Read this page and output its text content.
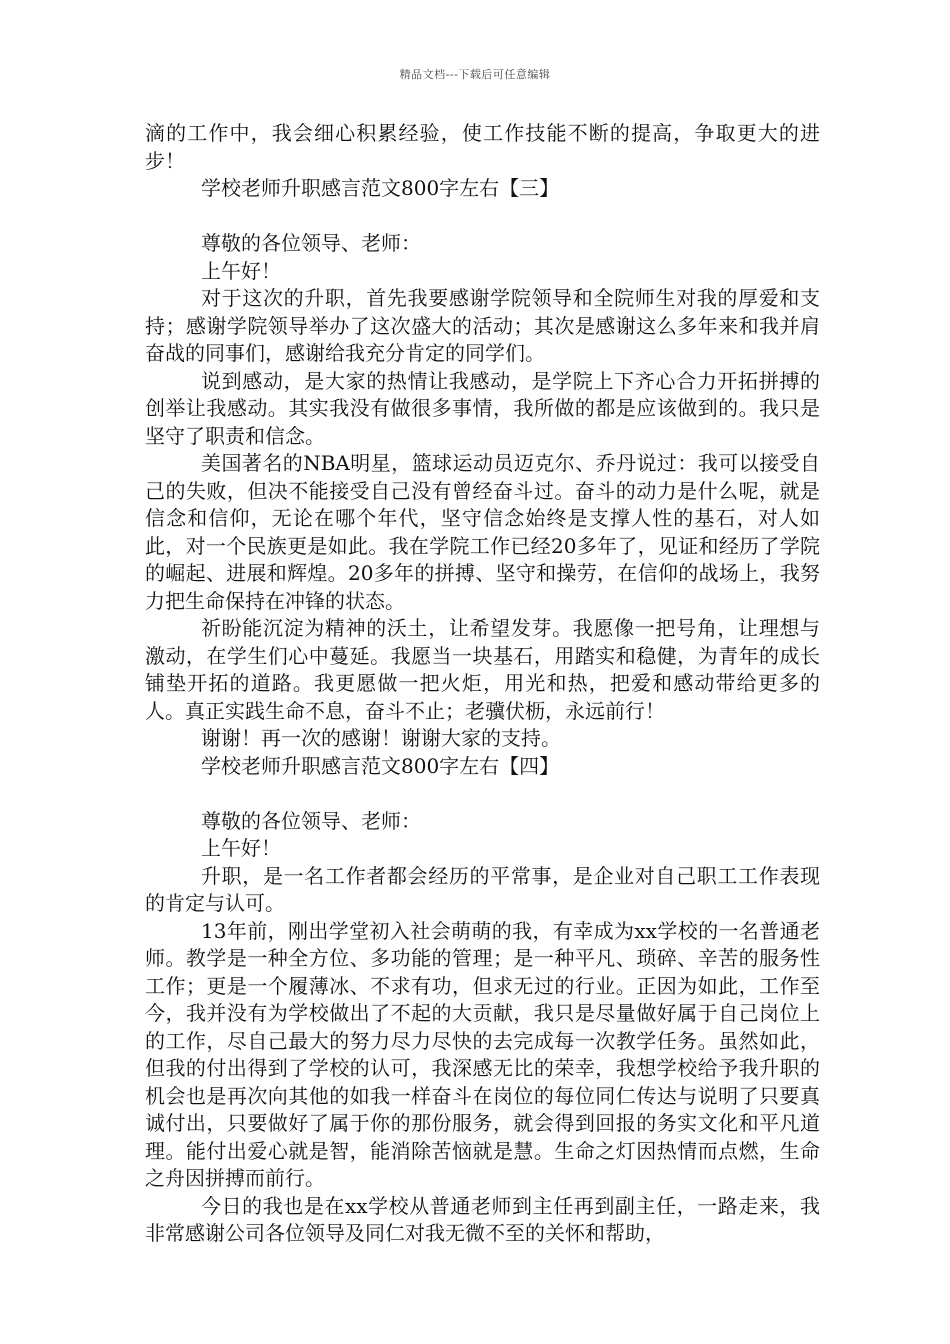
精品文档---下载后可任意编辑

滴的工作中，我会细心积累经验，使工作技能不断的提高，争取更大的进步！

学校老师升职感言范文800字左右【三】

尊敬的各位领导、老师：

上午好！

对于这次的升职，首先我要感谢学院领导和全院师生对我的厚爱和支持；感谢学院领导举办了这次盛大的活动；其次是感谢这么多年来和我并肩奋战的同事们，感谢给我充分肯定的同学们。

说到感动，是大家的热情让我感动，是学院上下齐心合力开拓拼搏的创举让我感动。其实我没有做很多事情，我所做的都是应该做到的。我只是坚守了职责和信念。

美国著名的NBA明星，篮球运动员迈克尔、乔丹说过：我可以接受自己的失败，但决不能接受自己没有曾经奋斗过。奋斗的动力是什么呢，就是信念和信仰，无论在哪个年代，坚守信念始终是支撑人性的基石，对人如此，对一个民族更是如此。我在学院工作已经20多年了，见证和经历了学院的崛起、进展和辉煌。20多年的拼搏、坚守和操劳，在信仰的战场上，我努力把生命保持在冲锋的状态。

祈盼能沉淀为精神的沃土，让希望发芽。我愿像一把号角，让理想与激动，在学生们心中蔓延。我愿当一块基石，用踏实和稳健，为青年的成长铺垫开拓的道路。我更愿做一把火炬，用光和热，把爱和感动带给更多的人。真正实践生命不息，奋斗不止；老骥伏枥，永远前行！

谢谢！再一次的感谢！谢谢大家的支持。

学校老师升职感言范文800字左右【四】

尊敬的各位领导、老师：

上午好！

升职，是一名工作者都会经历的平常事，是企业对自己职工工作表现的肯定与认可。

13年前，刚出学堂初入社会萌萌的我，有幸成为xx学校的一名普通老师。教学是一种全方位、多功能的管理；是一种平凡、琐碎、辛苦的服务性工作；更是一个履薄冰、不求有功，但求无过的行业。正因为如此，工作至今，我并没有为学校做出了不起的大贡献，我只是尽量做好属于自己岗位上的工作，尽自己最大的努力尽力尽快的去完成每一次教学任务。虽然如此，但我的付出得到了学校的认可，我深感无比的荣幸，我想学校给予我升职的机会也是再次向其他的如我一样奋斗在岗位的每位同仁传达与说明了只要真诚付出，只要做好了属于你的那份服务，就会得到回报的务实文化和平凡道理。能付出爱心就是智，能消除苦恼就是慧。生命之灯因热情而点燃，生命之舟因拼搏而前行。

今日的我也是在xx学校从普通老师到主任再到副主任，一路走来，我非常感谢公司各位领导及同仁对我无微不至的关怀和帮助，
